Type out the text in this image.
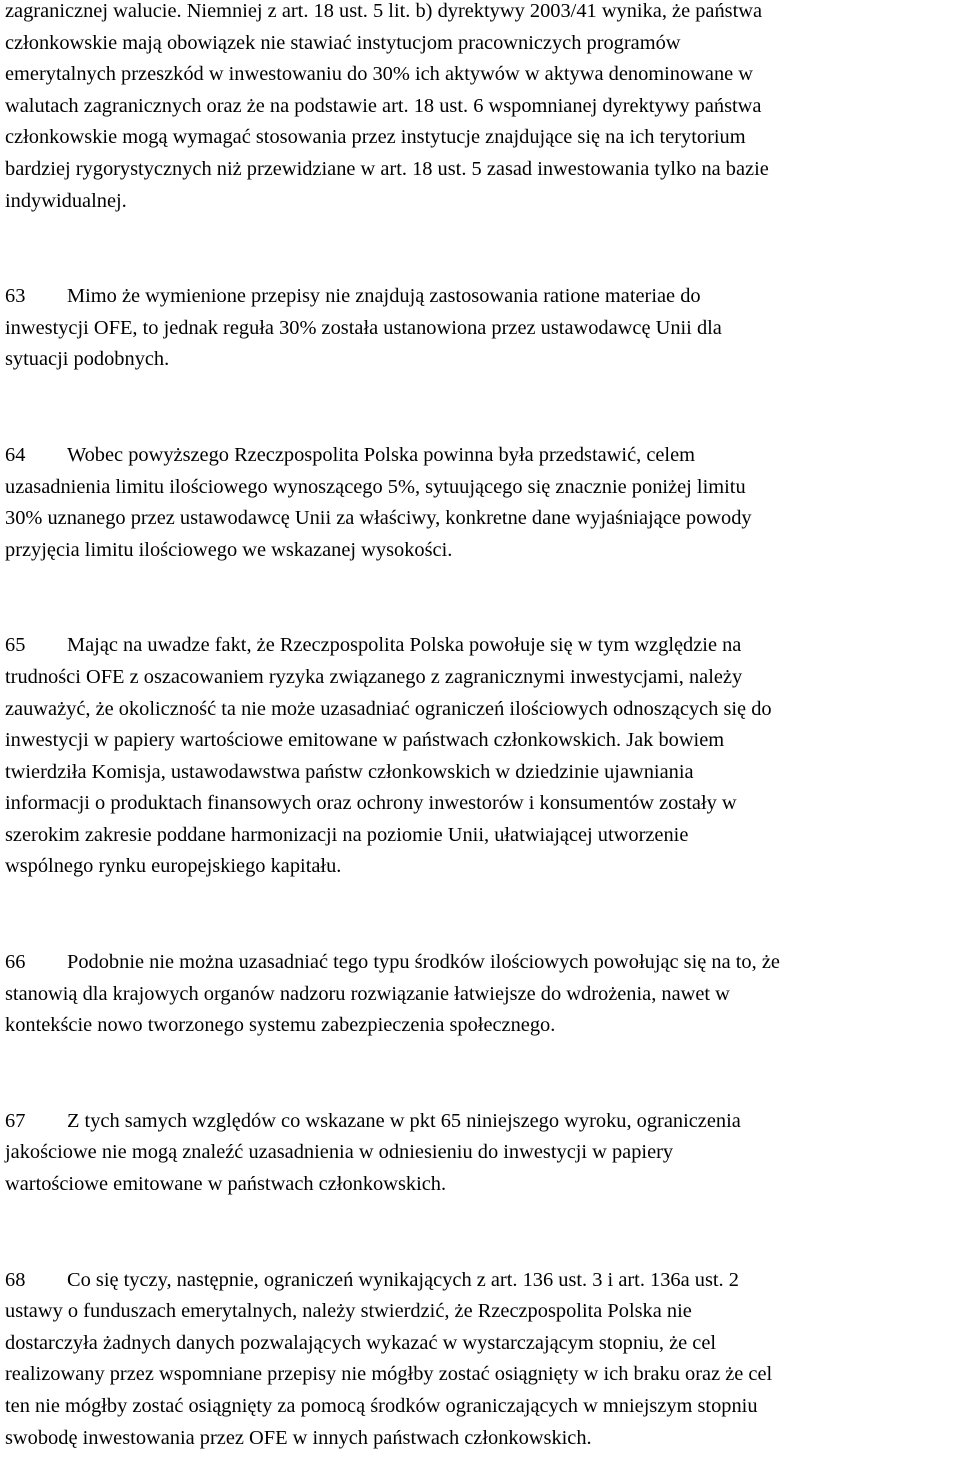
zagranicznej walucie. Niemniej z art. 18 ust. 5 lit. b) dyrektywy 2003/41 wynika, że państwa
członkowskie mają obowiązek nie stawiać instytucjom pracowniczych programów
emerytalnych przeszkód w inwestowaniu do 30% ich aktywów w aktywa denominowane w
walutach zagranicznych oraz że na podstawie art. 18 ust. 6 wspomnianej dyrektywy państwa
członkowskie mogą wymagać stosowania przez instytucje znajdujące się na ich terytorium
bardziej rygorystycznych niż przewidziane w art. 18 ust. 5 zasad inwestowania tylko na bazie
indywidualnej.

63 Mimo że wymienione przepisy nie znajdują zastosowania ratione materiae do
inwestycji OFE, to jednak reguła 30% została ustanowiona przez ustawodawcę Unii dla
sytuacji podobnych.

64 Wobec powyższego Rzeczpospolita Polska powinna była przedstawić, celem
uzasadnienia limitu ilościowego wynoszącego 5%, sytuującego się znacznie poniżej limitu
30% uznanego przez ustawodawcę Unii za właściwy, konkretne dane wyjaśniające powody
przyjęcia limitu ilościowego we wskazanej wysokości.

65 Mając na uwadze fakt, że Rzeczpospolita Polska powołuje się w tym względzie na
trudności OFE z oszacowaniem ryzyka związanego z zagranicznymi inwestycjami, należy
zauważyć, że okoliczność ta nie może uzasadniać ograniczeń ilościowych odnoszących się do
inwestycji w papiery wartościowe emitowane w państwach członkowskich. Jak bowiem
twierdziła Komisja, ustawodawstwa państw członkowskich w dziedzinie ujawniania
informacji o produktach finansowych oraz ochrony inwestorów i konsumentów zostały w
szerokim zakresie poddane harmonizacji na poziomie Unii, ułatwiającej utworzenie
wspólnego rynku europejskiego kapitału.

66 Podobnie nie można uzasadniać tego typu środków ilościowych powołując się na to, że
stanowią dla krajowych organów nadzoru rozwiązanie łatwiejsze do wdrożenia, nawet w
kontekście nowo tworzonego systemu zabezpieczenia społecznego.

67 Z tych samych względów co wskazane w pkt 65 niniejszego wyroku, ograniczenia
jakościowe nie mogą znaleźć uzasadnienia w odniesieniu do inwestycji w papiery
wartościowe emitowane w państwach członkowskich.

68 Co się tyczy, następnie, ograniczeń wynikających z art. 136 ust. 3 i art. 136a ust. 2
ustawy o funduszach emerytalnych, należy stwierdzić, że Rzeczpospolita Polska nie
dostarczyła żadnych danych pozwalających wykazać w wystarczającym stopniu, że cel
realizowany przez wspomniane przepisy nie mógłby zostać osiągnięty w ich braku oraz że cel
ten nie mógłby zostać osiągnięty za pomocą środków ograniczających w mniejszym stopniu
swobodę inwestowania przez OFE w innych państwach członkowskich.
